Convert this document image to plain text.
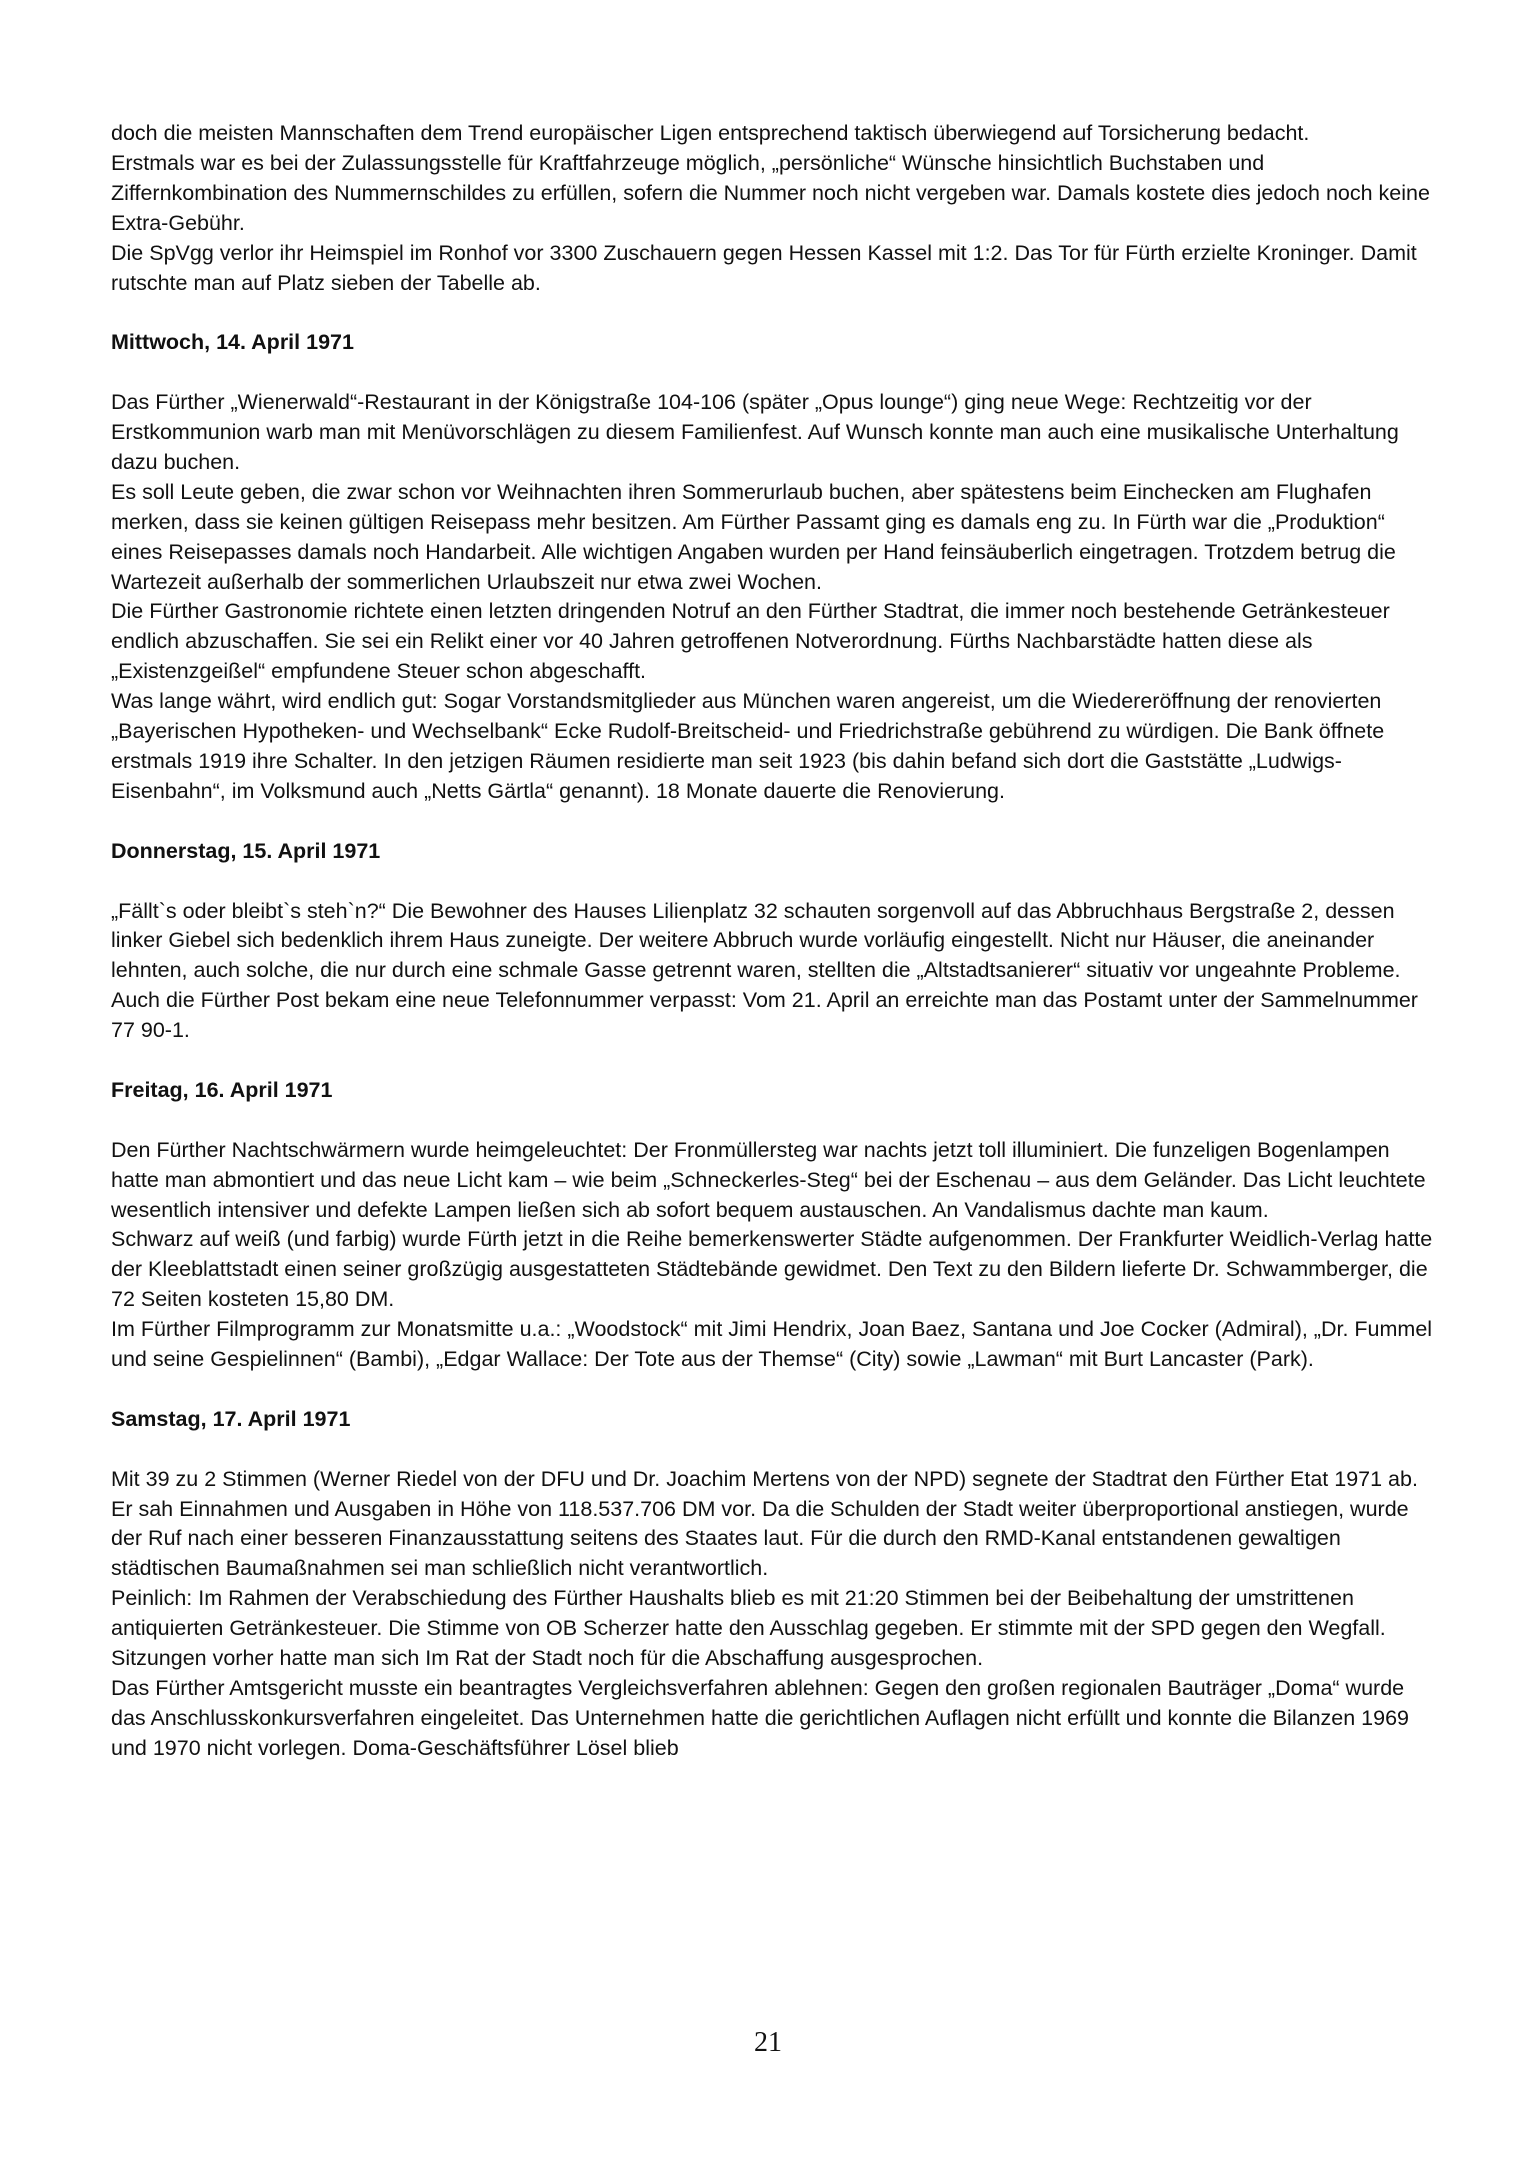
doch die meisten Mannschaften dem Trend europäischer Ligen entsprechend taktisch überwiegend auf Torsicherung bedacht.

Erstmals war es bei der Zulassungsstelle für Kraftfahrzeuge möglich, „persönliche“ Wünsche hinsichtlich Buchstaben und Ziffernkombination des Nummernschildes zu erfüllen, sofern die Nummer noch nicht vergeben war. Damals kostete dies jedoch noch keine Extra-Gebühr.

Die SpVgg verlor ihr Heimspiel im Ronhof vor 3300 Zuschauern gegen Hessen Kassel mit 1:2. Das Tor für Fürth erzielte Kroninger. Damit rutschte man auf Platz sieben der Tabelle ab.

Mittwoch, 14. April 1971

Das Fürther „Wienerwald“-Restaurant in der Königstraße 104-106 (später „Opus lounge“) ging neue Wege: Rechtzeitig vor der Erstkommunion warb man mit Menüvorschlägen zu diesem Familienfest. Auf Wunsch konnte man auch eine musikalische Unterhaltung dazu buchen.

Es soll Leute geben, die zwar schon vor Weihnachten ihren Sommerurlaub buchen, aber spätestens beim Einchecken am Flughafen merken, dass sie keinen gültigen Reisepass mehr besitzen. Am Fürther Passamt ging es damals eng zu. In Fürth war die „Produktion“ eines Reisepasses damals noch Handarbeit. Alle wichtigen Angaben wurden per Hand feinsäuberlich eingetragen. Trotzdem betrug die Wartezeit außerhalb der sommerlichen Urlaubszeit nur etwa zwei Wochen.

Die Fürther Gastronomie richtete einen letzten dringenden Notruf an den Fürther Stadtrat, die immer noch bestehende Getränkesteuer endlich abzuschaffen. Sie sei ein Relikt einer vor 40 Jahren getroffenen Notverordnung. Fürths Nachbarstädte hatten diese als „Existenzgeißel“ empfundene Steuer schon abgeschafft.

Was lange währt, wird endlich gut: Sogar Vorstandsmitglieder aus München waren angereist, um die Wiedereröffnung der renovierten „Bayerischen Hypotheken- und Wechselbank“ Ecke Rudolf-Breitscheid- und Friedrichstraße gebührend zu würdigen. Die Bank öffnete erstmals 1919 ihre Schalter. In den jetzigen Räumen residierte man seit 1923 (bis dahin befand sich dort die Gaststätte „Ludwigs-Eisenbahn“, im Volksmund auch „Netts Gärtla“ genannt). 18 Monate dauerte die Renovierung.

Donnerstag, 15. April 1971

„Fällt`s oder bleibt`s steh`n?“ Die Bewohner des Hauses Lilienplatz 32 schauten sorgenvoll auf das Abbruchhaus Bergstraße 2, dessen linker Giebel sich bedenklich ihrem Haus zuneigte. Der weitere Abbruch wurde vorläufig eingestellt. Nicht nur Häuser, die aneinander lehnten, auch solche, die nur durch eine schmale Gasse getrennt waren, stellten die „Altstadtsanierer“ situativ vor ungeahnte Probleme.

Auch die Fürther Post bekam eine neue Telefonnummer verpasst: Vom 21. April an erreichte man das Postamt unter der Sammelnummer 77 90-1.

Freitag, 16. April 1971

Den Fürther Nachtschwärmern wurde heimgeleuchtet: Der Fronmüllersteg war nachts jetzt toll illuminiert. Die funzeligen Bogenlampen hatte man abmontiert und das neue Licht kam – wie beim „Schneckerles-Steg“ bei der Eschenau – aus dem Geländer. Das Licht leuchtete wesentlich intensiver und defekte Lampen ließen sich ab sofort bequem austauschen. An Vandalismus dachte man kaum.

Schwarz auf weiß (und farbig) wurde Fürth jetzt in die Reihe bemerkenswerter Städte aufgenommen. Der Frankfurter Weidlich-Verlag hatte der Kleeblattstadt einen seiner großzügig ausgestatteten Städtebände gewidmet. Den Text zu den Bildern lieferte Dr. Schwammberger, die 72 Seiten kosteten 15,80 DM.

Im Fürther Filmprogramm zur Monatsmitte u.a.: „Woodstock“ mit Jimi Hendrix, Joan Baez, Santana und Joe Cocker (Admiral), „Dr. Fummel und seine Gespielinnen“ (Bambi), „Edgar Wallace: Der Tote aus der Themse“ (City) sowie „Lawman“ mit Burt Lancaster (Park).

Samstag, 17. April 1971

Mit 39 zu 2 Stimmen (Werner Riedel von der DFU und Dr. Joachim Mertens von der NPD) segnete der Stadtrat den Fürther Etat 1971 ab. Er sah Einnahmen und Ausgaben in Höhe von 118.537.706 DM vor. Da die Schulden der Stadt weiter überproportional anstiegen, wurde der Ruf nach einer besseren Finanzausstattung seitens des Staates laut. Für die durch den RMD-Kanal entstandenen gewaltigen städtischen Baumaßnahmen sei man schließlich nicht verantwortlich.

Peinlich: Im Rahmen der Verabschiedung des Fürther Haushalts blieb es mit 21:20 Stimmen bei der Beibehaltung der umstrittenen antiquierten Getränkesteuer. Die Stimme von OB Scherzer hatte den Ausschlag gegeben. Er stimmte mit der SPD gegen den Wegfall. Sitzungen vorher hatte man sich Im Rat der Stadt noch für die Abschaffung ausgesprochen.

Das Fürther Amtsgericht musste ein beantragtes Vergleichsverfahren ablehnen: Gegen den großen regionalen Bauträger „Doma“ wurde das Anschlusskonkursverfahren eingeleitet. Das Unternehmen hatte die gerichtlichen Auflagen nicht erfüllt und konnte die Bilanzen 1969 und 1970 nicht vorlegen. Doma-Geschäftsführer Lösel blieb

21
